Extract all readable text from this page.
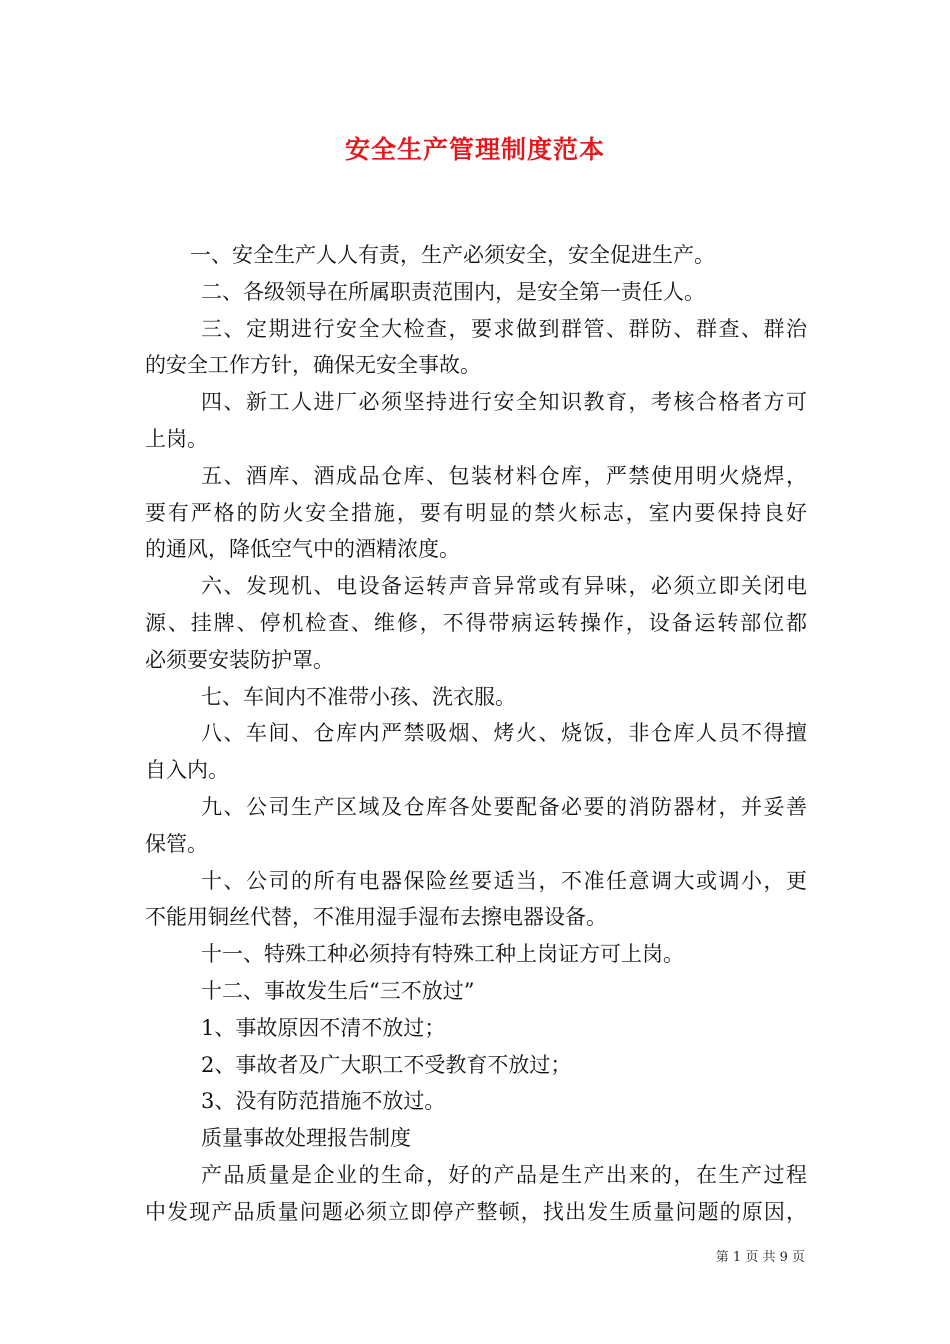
安全生产管理制度范本
一、安全生产人人有责，生产必须安全，安全促进生产。
二、各级领导在所属职责范围内，是安全第一责任人。
三、定期进行安全大检查，要求做到群管、群防、群查、群治
的安全工作方针，确保无安全事故。
四、新工人进厂必须坚持进行安全知识教育，考核合格者方可
上岗。
五、酒库、酒成品仓库、包装材料仓库，严禁使用明火烧焊，
要有严格的防火安全措施，要有明显的禁火标志，室内要保持良好
的通风，降低空气中的酒精浓度。
六、发现机、电设备运转声音异常或有异味，必须立即关闭电
源、挂牌、停机检查、维修，不得带病运转操作，设备运转部位都
必须要安装防护罩。
七、车间内不准带小孩、洗衣服。
八、车间、仓库内严禁吸烟、烤火、烧饭，非仓库人员不得擅
自入内。
九、公司生产区域及仓库各处要配备必要的消防器材，并妥善
保管。
十、公司的所有电器保险丝要适当，不准任意调大或调小，更
不能用铜丝代替，不准用湿手湿布去擦电器设备。
十一、特殊工种必须持有特殊工种上岗证方可上岗。
十二、事故发生后“三不放过”
1、事故原因不清不放过；
2、事故者及广大职工不受教育不放过；
3、没有防范措施不放过。
质量事故处理报告制度
产品质量是企业的生命，好的产品是生产出来的，在生产过程
中发现产品质量问题必须立即停产整顿，找出发生质量问题的原因，
第 1 页 共 9 页
